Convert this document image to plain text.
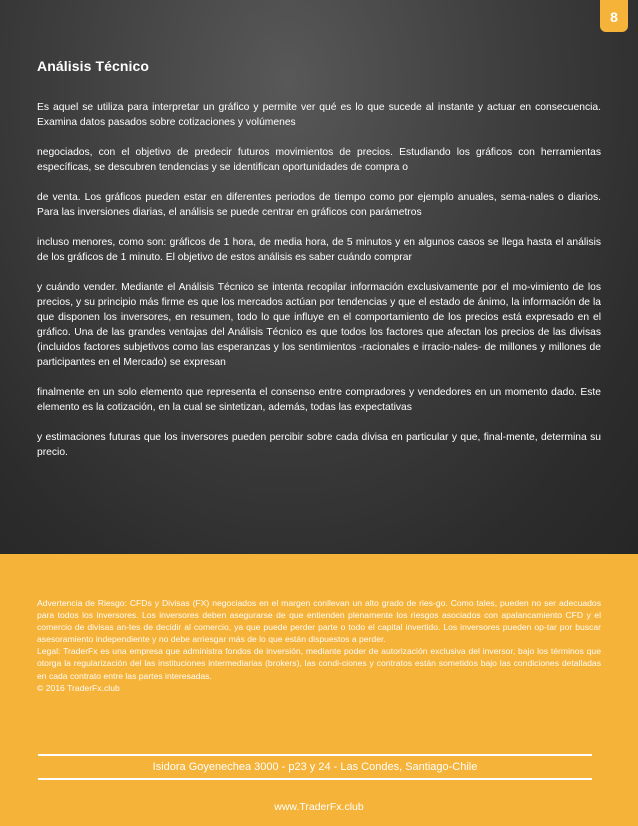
8
Análisis Técnico

Es aquel se utiliza para interpretar un gráfico y permite ver qué es lo que sucede al instante y actuar en consecuencia. Examina datos pasados sobre cotizaciones y volúmenes

negociados, con el objetivo de predecir futuros movimientos de precios. Estudiando los gráficos con herramientas específicas, se descubren tendencias y se identifican oportunidades de compra o

de venta. Los gráficos pueden estar en diferentes periodos de tiempo como por ejemplo anuales, sema-nales o diarios. Para las inversiones diarias, el análisis se puede centrar en gráficos con parámetros

incluso menores, como son: gráficos de 1 hora, de media hora, de 5 minutos y en algunos casos se llega hasta el análisis de los gráficos de 1 minuto. El objetivo de estos análisis es saber cuándo comprar

y cuándo vender. Mediante el Análisis Técnico se intenta recopilar información exclusivamente por el mo-vimiento de los precios, y su principio más firme es que los mercados actúan por tendencias y que el estado de ánimo, la información de la que disponen los inversores, en resumen, todo lo que influye en el comportamiento de los precios está expresado en el gráfico. Una de las grandes ventajas del Análisis Técnico es que todos los factores que afectan los precios de las divisas (incluidos factores subjetivos como las esperanzas y los sentimientos -racionales e irracio-nales- de millones y millones de participantes en el Mercado) se expresan

finalmente en un solo elemento que representa el consenso entre compradores y vendedores en un momento dado. Este elemento es la cotización, en la cual se sintetizan, además, todas las expectativas

y estimaciones futuras que los inversores pueden percibir sobre cada divisa en particular y que, final-mente, determina su precio.

Advertencia de Riesgo: CFDs y Divisas (FX) negociados en el margen conllevan un alto grado de ries-go. Como tales, pueden no ser adecuados para todos los inversores. Los inversores deben asegurarse de que entienden plenamente los riesgos asociados con apalancamiento CFD y el comercio de divisas an-tes de decidir al comercio, ya que puede perder parte o todo el capital invertido. Los inversores pueden op-tar por buscar asesoramiento independiente y no debe arriesgar más de lo que están dispuestos a perder.
Legal: TraderFx es una empresa que administra fondos de inversión, mediante poder de autorización exclusiva del inversor, bajo los términos que otorga la regularización del las instituciones intermediarias (brokers), las condi-ciones y contratos están sometidos bajo las condiciones detalladas en cada contrato entre las partes interesadas.
© 2016 TraderFx.club
Isidora Goyenechea 3000 - p23 y 24 - Las Condes, Santiago-Chile
www.TraderFx.club
